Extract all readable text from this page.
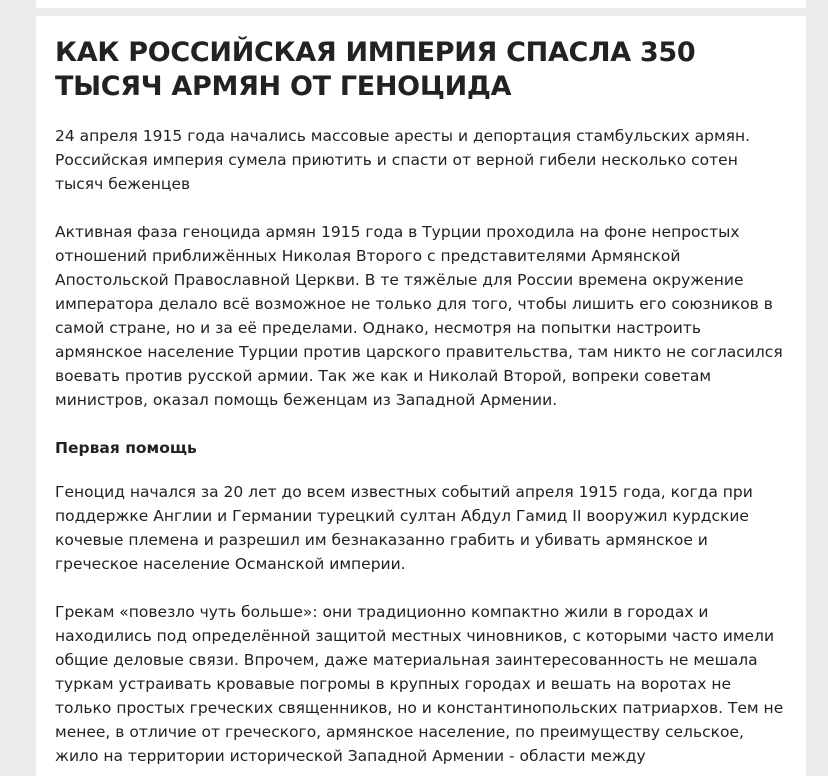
КАК РОССИЙСКАЯ ИМПЕРИЯ СПАСЛА 350 ТЫСЯЧ АРМЯН ОТ ГЕНОЦИДА

24 апреля 1915 года начались массовые аресты и депортация стамбульских армян. Российская империя сумела приютить и спасти от верной гибели несколько сотен тысяч беженцев

Активная фаза геноцида армян 1915 года в Турции проходила на фоне непростых отношений приближённых Николая Второго с представителями Армянской Апостольской Православной Церкви. В те тяжёлые для России времена окружение императора делало всё возможное не только для того, чтобы лишить его союзников в самой стране, но и за её пределами. Однако, несмотря на попытки настроить армянское население Турции против царского правительства, там никто не согласился воевать против русской армии. Так же как и Николай Второй, вопреки советам министров, оказал помощь беженцам из Западной Армении.

Первая помощь

Геноцид начался за 20 лет до всем известных событий апреля 1915 года, когда при поддержке Англии и Германии турецкий султан Абдул Гамид II вооружил курдские кочевые племена и разрешил им безнаказанно грабить и убивать армянское и греческое население Османской империи.

Грекам «повезло чуть больше»: они традиционно компактно жили в городах и находились под определённой защитой местных чиновников, с которыми часто имели общие деловые связи. Впрочем, даже материальная заинтересованность не мешала туркам устраивать кровавые погромы в крупных городах и вешать на воротах не только простых греческих священников, но и константинопольских патриархов. Тем не менее, в отличие от греческого, армянское население, по преимуществу сельское, жило на территории исторической Западной Армении - области между
